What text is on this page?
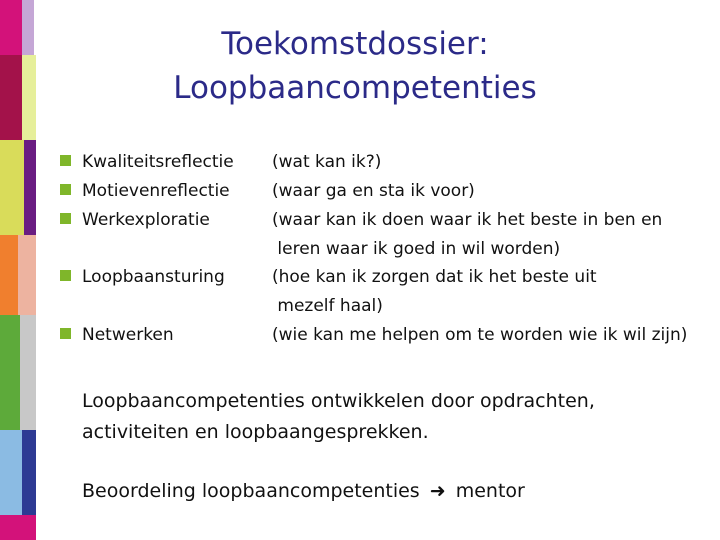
Toekomstdossier:
Loopbaancompetenties
Kwaliteitsreflectie (wat kan ik?)
Motievenreflectie (waar ga en sta ik voor)
Werkexploratie	(waar kan ik doen waar ik het beste in ben en
leren waar ik goed in wil worden)
Loopbaansturing	(hoe kan ik zorgen dat ik het beste uit
mezelf haal)
Netwerken	(wie kan me helpen om te worden wie ik wil zijn)
Loopbaancompetenties ontwikkelen door opdrachten,
activiteiten en loopbaangesprekken.
Beoordeling loopbaancompetenties ➜ mentor
